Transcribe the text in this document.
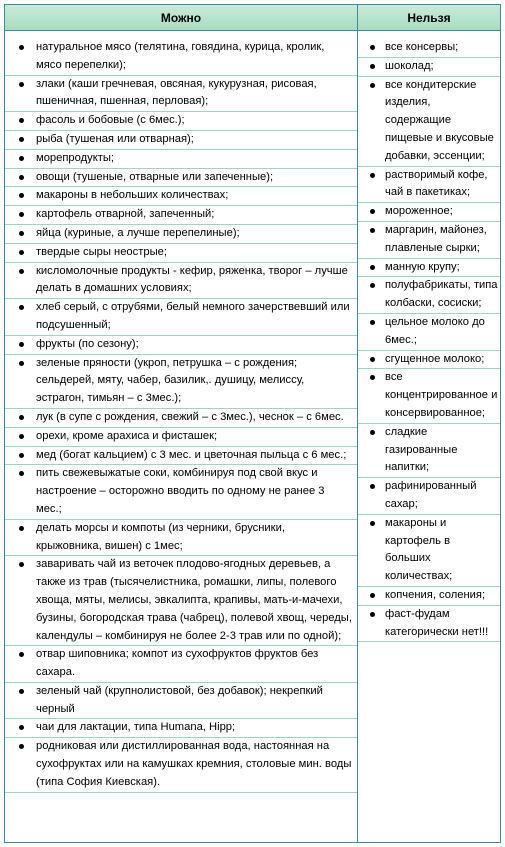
Можно	Нельзя
натуральное мясо (телятина, говядина, курица, кролик, мясо перепелки);
злаки (каши гречневая, овсяная, кукурузная, рисовая, пшеничная, пшенная, перловая);
фасоль и бобовые (с 6мес.);
рыба (тушеная или отварная);
морепродукты;
овощи (тушеные, отварные или запеченные);
макароны в небольших количествах;
картофель отварной, запеченный;
яйца (куриные, а лучше перепелиные);
твердые сыры неострые;
кисломолочные продукты - кефир, ряженка, творог – лучше делать в домашних условиях;
хлеб серый, с отрубями, белый немного зачерствевший или подсушенный;
фрукты (по сезону);
зеленые пряности (укроп, петрушка – с рождения; сельдерей, мяту, чабер, базилик,. душицу, мелиссу, эстрагон, тимьян – с 3мес.);
лук (в супе с рождения, свежий – с 3мес.), чеснок – с 6мес.
орехи, кроме арахиса и фисташек;
мед (богат кальцием) с 3 мес. и цветочная пыльца с 6 мес.;
пить свежевыжатые соки, комбинируя под свой вкус и настроение – осторожно вводить по одному не ранее 3 мес.;
делать морсы и компоты (из черники, брусники, крыжовника, вишен) с 1мес;
заваривать чай из веточек плодово-ягодных деревьев, а также из трав (тысячелистника, ромашки, липы, полевого хвоща, мяты, мелисы, эвкалипта, крапивы, мать-и-мачехи, бузины, богородская трава (чабрец), полевой хвощ, череды, календулы – комбинируя не более 2-3 трав или по одной);
отвар шиповника; компот из сухофруктов фруктов без сахара.
зеленый чай (крупнолистовой, без добавок); некрепкий черный
чаи для лактации, типа Humana, Hipp;
родниковая или дистиллированная вода, настоянная на сухофруктах или на камушках кремния, столовые мин. воды (типа София Киевская).
все консервы;
шоколад;
все кондитерские изделия, содержащие пищевые и вкусовые добавки, эссенции;
растворимый кофе, чай в пакетиках;
мороженное;
маргарин, майонез, плавленые сырки;
манную крупу;
полуфабрикаты, типа колбаски, сосиски;
цельное молоко до 6мес.;
сгущенное молоко;
все концентрированное и консервированное;
сладкие газированные напитки;
рафинированный сахар;
макароны и картофель в больших количествах;
копчения, соления;
фаст-фудам категорически нет!!!
